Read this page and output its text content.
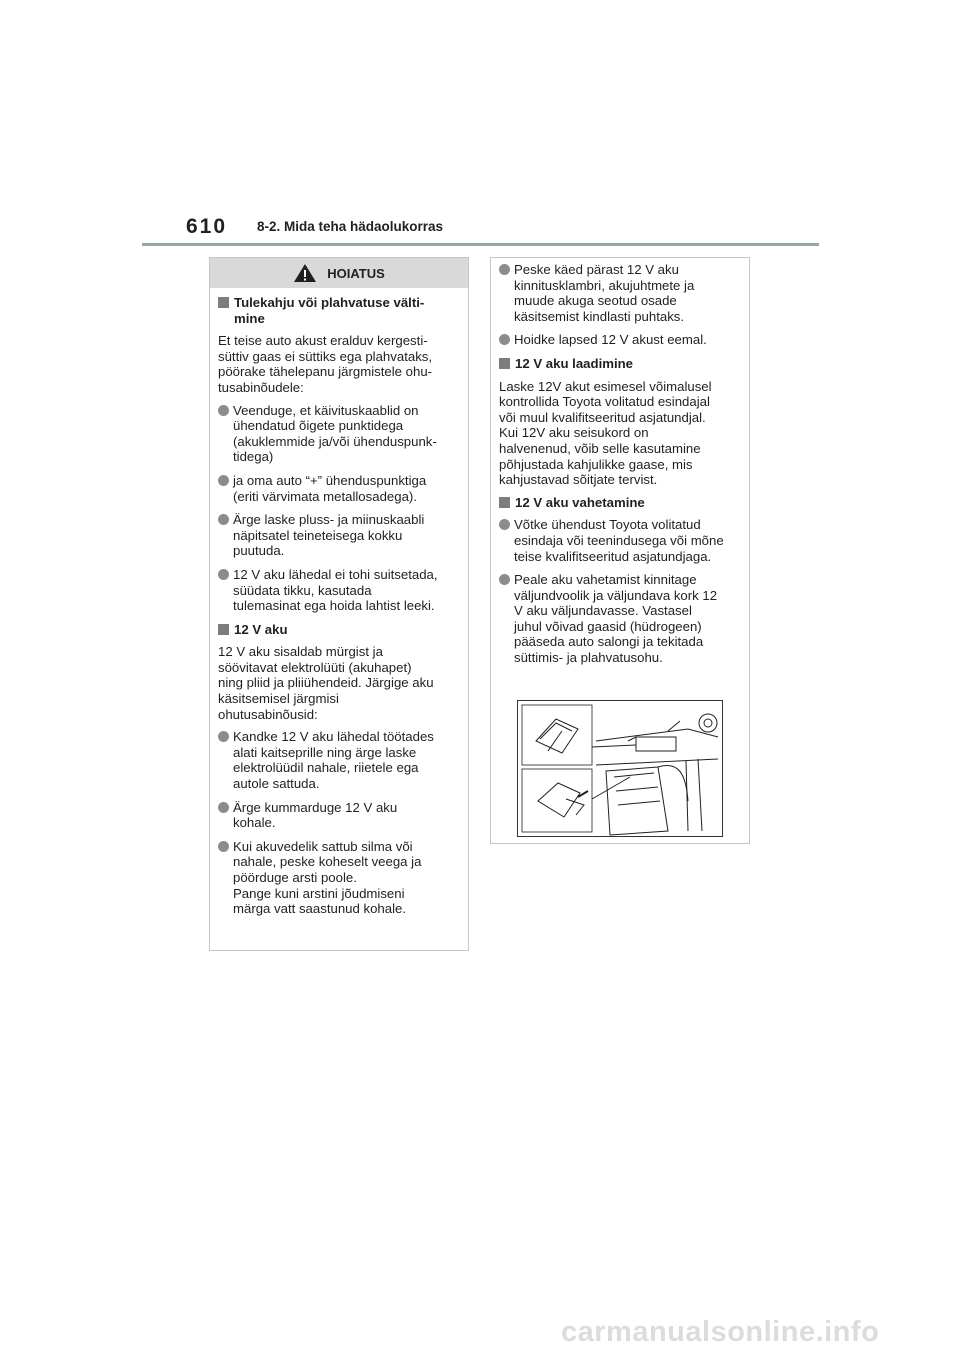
610 8-2. Mida teha hädaolukorras
HOIATUS
Tulekahju või plahvatuse välti-
mine
Et teise auto akust eralduv kergesti-
süttiv gaas ei süttiks ega plahvataks,
pöörake tähelepanu järgmistele ohu-
tusabinõudele:
Veenduge, et käivituskaablid on
ühendatud õigete punktidega
(akuklemmide ja/või ühenduspunk-
tidega)
ja oma auto “+” ühenduspunktiga
(eriti värvimata metallosadega).
Ärge laske pluss- ja miinuskaabli
näpitsatel teineteisega kokku
puutuda.
12 V aku lähedal ei tohi suitsetada,
süüdata tikku, kasutada
tulemasinat ega hoida lahtist leeki.
12 V aku
12 V aku sisaldab mürgist ja
söövitavat elektrolüüti (akuhapet)
ning pliid ja pliiühendeid. Järgige aku
käsitsemisel järgmisi
ohutusabinõusid:
Kandke 12 V aku lähedal töötades
alati kaitseprille ning ärge laske
elektrolüüdil nahale, riietele ega
autole sattuda.
Ärge kummarduge 12 V aku
kohale.
Kui akuvedelik sattub silma või
nahale, peske koheselt veega ja
pöörduge arsti poole.
Pange kuni arstini jõudmiseni
märga vatt saastunud kohale.
Peske käed pärast 12 V aku
kinnitusklambri, akujuhtmete ja
muude akuga seotud osade
käsitsemist kindlasti puhtaks.
Hoidke lapsed 12 V akust eemal.
12 V aku laadimine
Laske 12V akut esimesel võimalusel
kontrollida Toyota volitatud esindajal
või muul kvalifitseeritud asjatundjal.
Kui 12V aku seisukord on
halvenenud, võib selle kasutamine
põhjustada kahjulikke gaase, mis
kahjustavad sõitjate tervist.
12 V aku vahetamine
Võtke ühendust Toyota volitatud
esindaja või teenindusega või mõne
teise kvalifitseeritud asjatundjaga.
Peale aku vahetamist kinnitage
väljundvoolik ja väljundava kork 12
V aku väljundavasse. Vastasel
juhul võivad gaasid (hüdrogeen)
pääseda auto salongi ja tekitada
süttimis- ja plahvatusohu.
carmanualsonline.info
